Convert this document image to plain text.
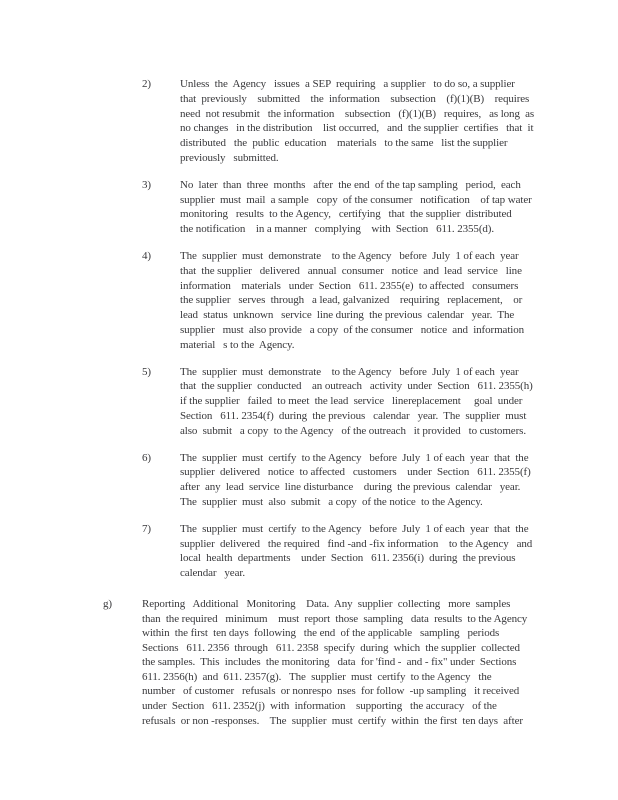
2)	Unless  the  Agency   issues  a SEP  requiring   a supplier   to do so, a supplier
that  previously    submitted    the  information    subsection    (f)(1)(B)    requires
need  not resubmit   the information    subsection   (f)(1)(B)   requires,   as long  as
no changes   in the distribution    list occurred,   and  the supplier  certifies   that  it
distributed   the  public  education    materials   to the same   list the supplier
previously   submitted.
3)	No  later  than  three  months   after  the end  of the tap sampling   period,  each
supplier  must  mail  a sample   copy  of the consumer   notification    of tap water
monitoring   results  to the Agency,   certifying   that  the supplier  distributed
the notification    in a manner   complying    with  Section   611. 2355(d).
4)	The  supplier  must  demonstrate    to the Agency   before  July  1 of each  year
that  the supplier   delivered   annual  consumer   notice  and  lead  service   line
information    materials   under  Section   611. 2355(e)  to affected   consumers
the supplier   serves  through   a lead, galvanized    requiring   replacement,    or
lead  status  unknown   service  line during  the previous  calendar   year.  The
supplier   must  also provide   a copy  of the consumer   notice  and  information
material   s to the  Agency.
5)	The  supplier  must  demonstrate    to the Agency   before  July  1 of each  year
that  the supplier  conducted    an outreach   activity  under  Section   611. 2355(h)
if the supplier   failed  to meet  the lead  service   linereplacement     goal  under
Section   611. 2354(f)  during  the previous   calendar   year.  The  supplier  must
also  submit   a copy  to the Agency   of the outreach   it provided   to customers.
6)	The  supplier  must  certify  to the Agency   before  July  1 of each  year  that  the
supplier  delivered   notice  to affected   customers    under  Section   611. 2355(f)
after  any  lead  service  line disturbance    during  the previous  calendar   year.
The  supplier  must  also  submit   a copy  of the notice  to the Agency.
7)	The  supplier  must  certify  to the Agency   before  July  1 of each  year  that  the
supplier  delivered   the required   find -and -fix information    to the Agency   and
local  health  departments    under  Section   611. 2356(i)  during  the previous
calendar   year.
g)	Reporting   Additional   Monitoring    Data.  Any  supplier  collecting   more  samples
than  the required   minimum    must  report  those  sampling   data  results  to the Agency
within  the first  ten days  following   the end  of the applicable   sampling   periods
Sections   611. 2356  through   611. 2358  specify  during  which  the supplier  collected
the samples.  This  includes  the monitoring   data  for 'find -  and - fix" under  Sections
611. 2356(h)  and  611. 2357(g).   The  supplier  must  certify  to the Agency   the
number   of customer   refusals  or nonrespo  nses  for follow  -up sampling   it received
under  Section   611. 2352(j)  with  information    supporting   the accuracy   of the
refusals  or non -responses.    The  supplier  must  certify  within  the first  ten days  after
